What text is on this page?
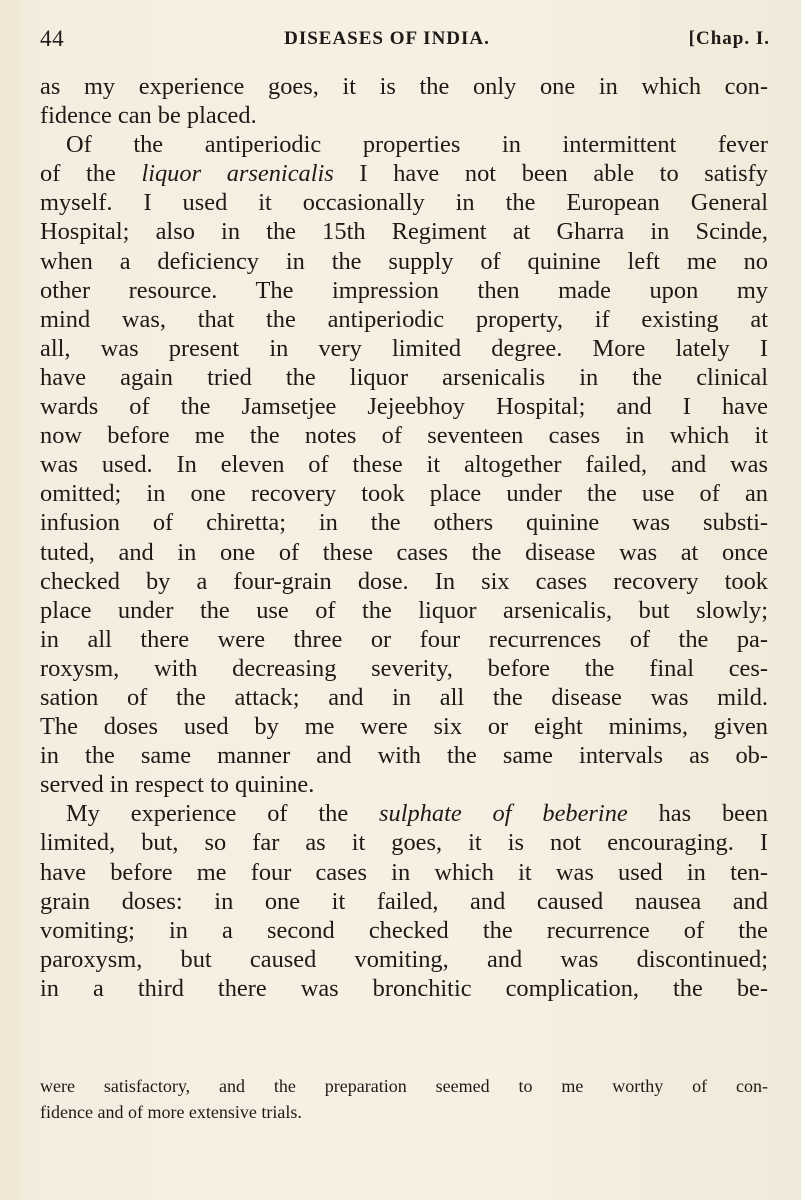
44	DISEASES OF INDIA.	[Chap. I.
as my experience goes, it is the only one in which con-
fidence can be placed.
Of the antiperiodic properties in intermittent fever
of the liquor arsenicalis I have not been able to satisfy
myself. I used it occasionally in the European General
Hospital; also in the 15th Regiment at Gharra in Scinde,
when a deficiency in the supply of quinine left me no
other resource. The impression then made upon my
mind was, that the antiperiodic property, if existing at
all, was present in very limited degree. More lately I
have again tried the liquor arsenicalis in the clinical
wards of the Jamsetjee Jejeebhoy Hospital; and I have
now before me the notes of seventeen cases in which it
was used. In eleven of these it altogether failed, and was
omitted; in one recovery took place under the use of an
infusion of chiretta; in the others quinine was substi-
tuted, and in one of these cases the disease was at once
checked by a four-grain dose. In six cases recovery took
place under the use of the liquor arsenicalis, but slowly;
in all there were three or four recurrences of the pa-
roxysm, with decreasing severity, before the final ces-
sation of the attack; and in all the disease was mild.
The doses used by me were six or eight minims, given
in the same manner and with the same intervals as ob-
served in respect to quinine.
My experience of the sulphate of beberine has been
limited, but, so far as it goes, it is not encouraging. I
have before me four cases in which it was used in ten-
grain doses: in one it failed, and caused nausea and
vomiting; in a second checked the recurrence of the
paroxysm, but caused vomiting, and was discontinued;
in a third there was bronchitic complication, the be-
were satisfactory, and the preparation seemed to me worthy of con-
fidence and of more extensive trials.
